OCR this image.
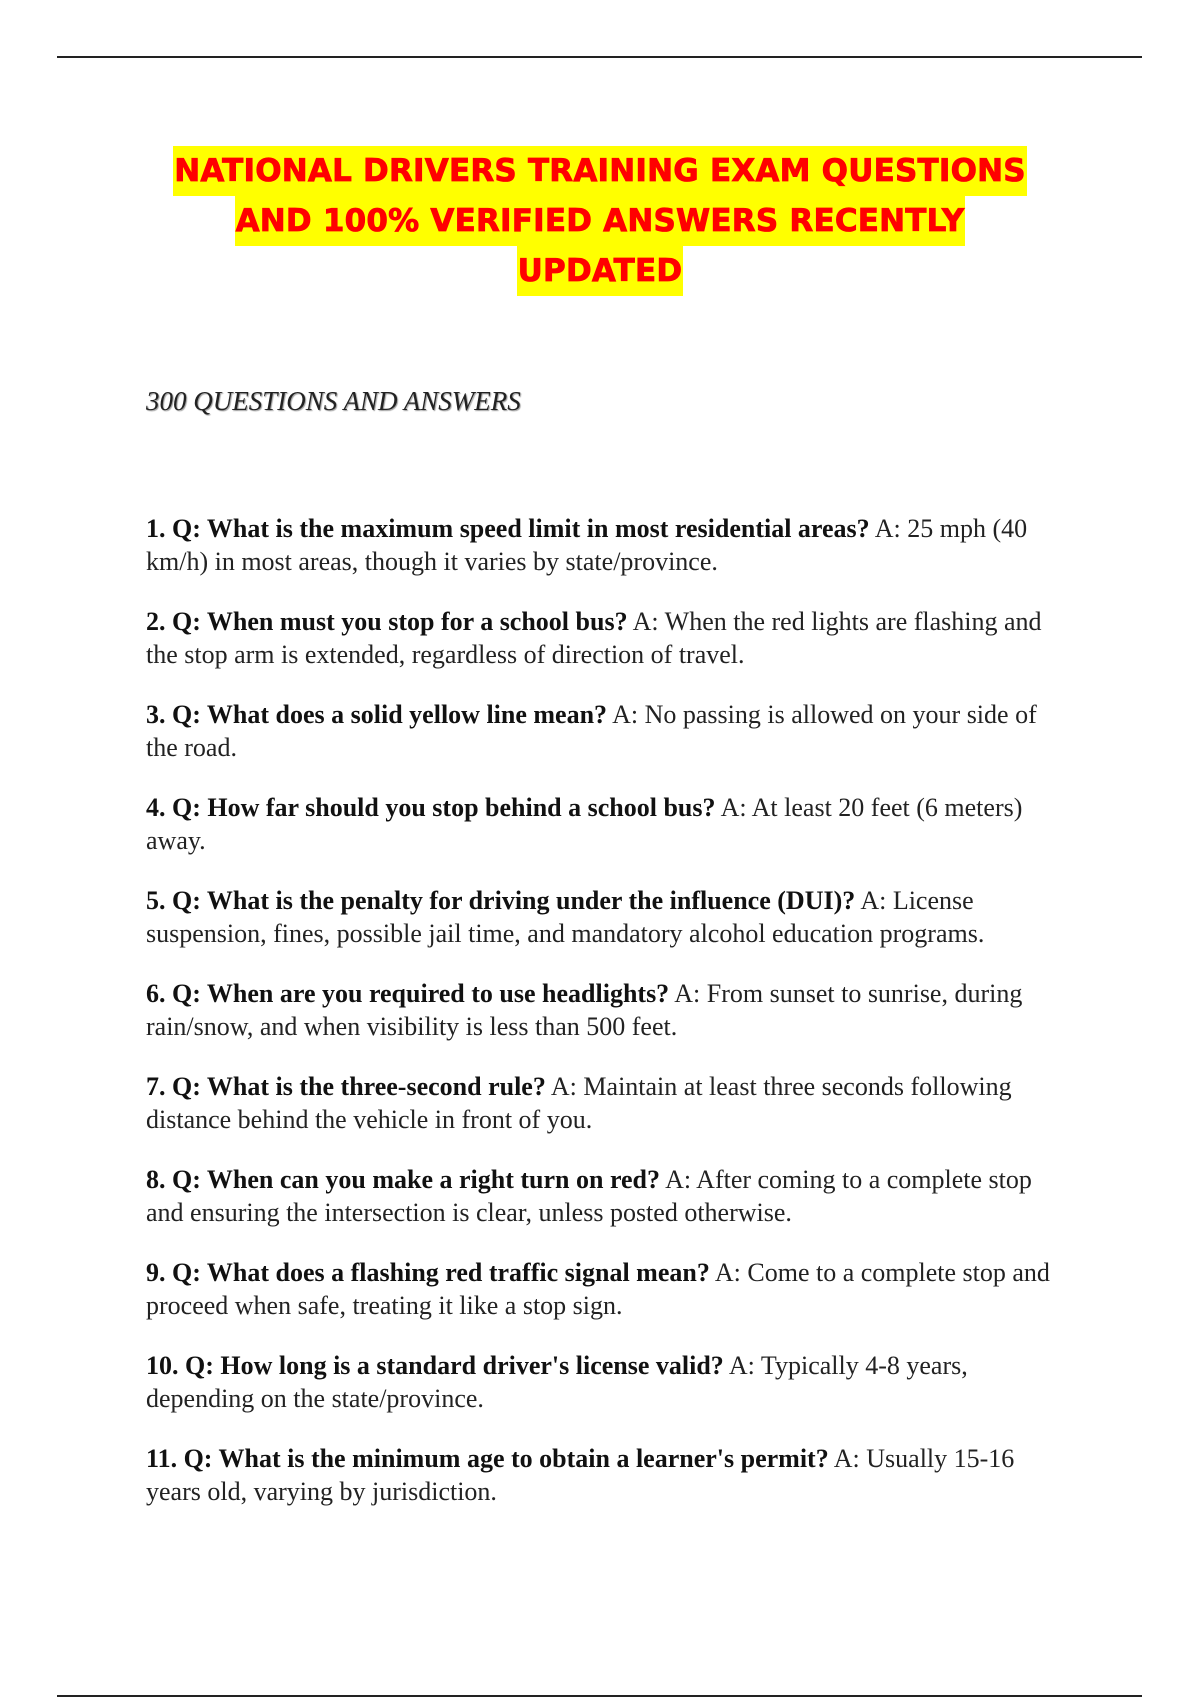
NATIONAL DRIVERS TRAINING EXAM QUESTIONS
AND 100% VERIFIED ANSWERS RECENTLY
UPDATED
300 QUESTIONS AND ANSWERS
1. Q: What is the maximum speed limit in most residential areas? A: 25 mph (40 km/h) in most areas, though it varies by state/province.
2. Q: When must you stop for a school bus? A: When the red lights are flashing and the stop arm is extended, regardless of direction of travel.
3. Q: What does a solid yellow line mean? A: No passing is allowed on your side of the road.
4. Q: How far should you stop behind a school bus? A: At least 20 feet (6 meters) away.
5. Q: What is the penalty for driving under the influence (DUI)? A: License suspension, fines, possible jail time, and mandatory alcohol education programs.
6. Q: When are you required to use headlights? A: From sunset to sunrise, during rain/snow, and when visibility is less than 500 feet.
7. Q: What is the three-second rule? A: Maintain at least three seconds following distance behind the vehicle in front of you.
8. Q: When can you make a right turn on red? A: After coming to a complete stop and ensuring the intersection is clear, unless posted otherwise.
9. Q: What does a flashing red traffic signal mean? A: Come to a complete stop and proceed when safe, treating it like a stop sign.
10. Q: How long is a standard driver's license valid? A: Typically 4-8 years, depending on the state/province.
11. Q: What is the minimum age to obtain a learner's permit? A: Usually 15-16 years old, varying by jurisdiction.
